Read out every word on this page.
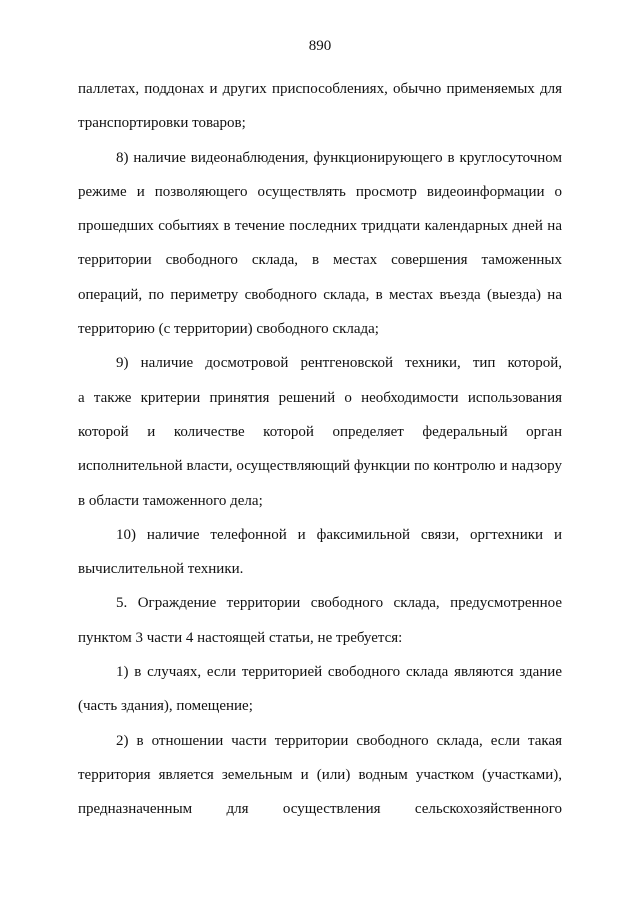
890

паллетах, поддонах и других приспособлениях, обычно применяемых для
транспортировки товаров;

8) наличие видеонаблюдения, функционирующего в круглосуточном
режиме и позволяющего осуществлять просмотр видеоинформации о
прошедших событиях в течение последних тридцати календарных дней на
территории свободного склада, в местах совершения таможенных
операций, по периметру свободного склада, в местах въезда (выезда) на
территорию (с территории) свободного склада;

9) наличие досмотровой рентгеновской техники, тип которой,
а также критерии принятия решений о необходимости использования
которой и количестве которой определяет федеральный орган
исполнительной власти, осуществляющий функции по контролю и надзору
в области таможенного дела;

10) наличие телефонной и факсимильной связи, оргтехники и
вычислительной техники.

5. Ограждение территории свободного склада, предусмотренное
пунктом 3 части 4 настоящей статьи, не требуется:

1) в случаях, если территорией свободного склада являются здание
(часть здания), помещение;

2) в отношении части территории свободного склада, если такая
территория является земельным и (или) водным участком (участками),
предназначенным для осуществления сельскохозяйственного
